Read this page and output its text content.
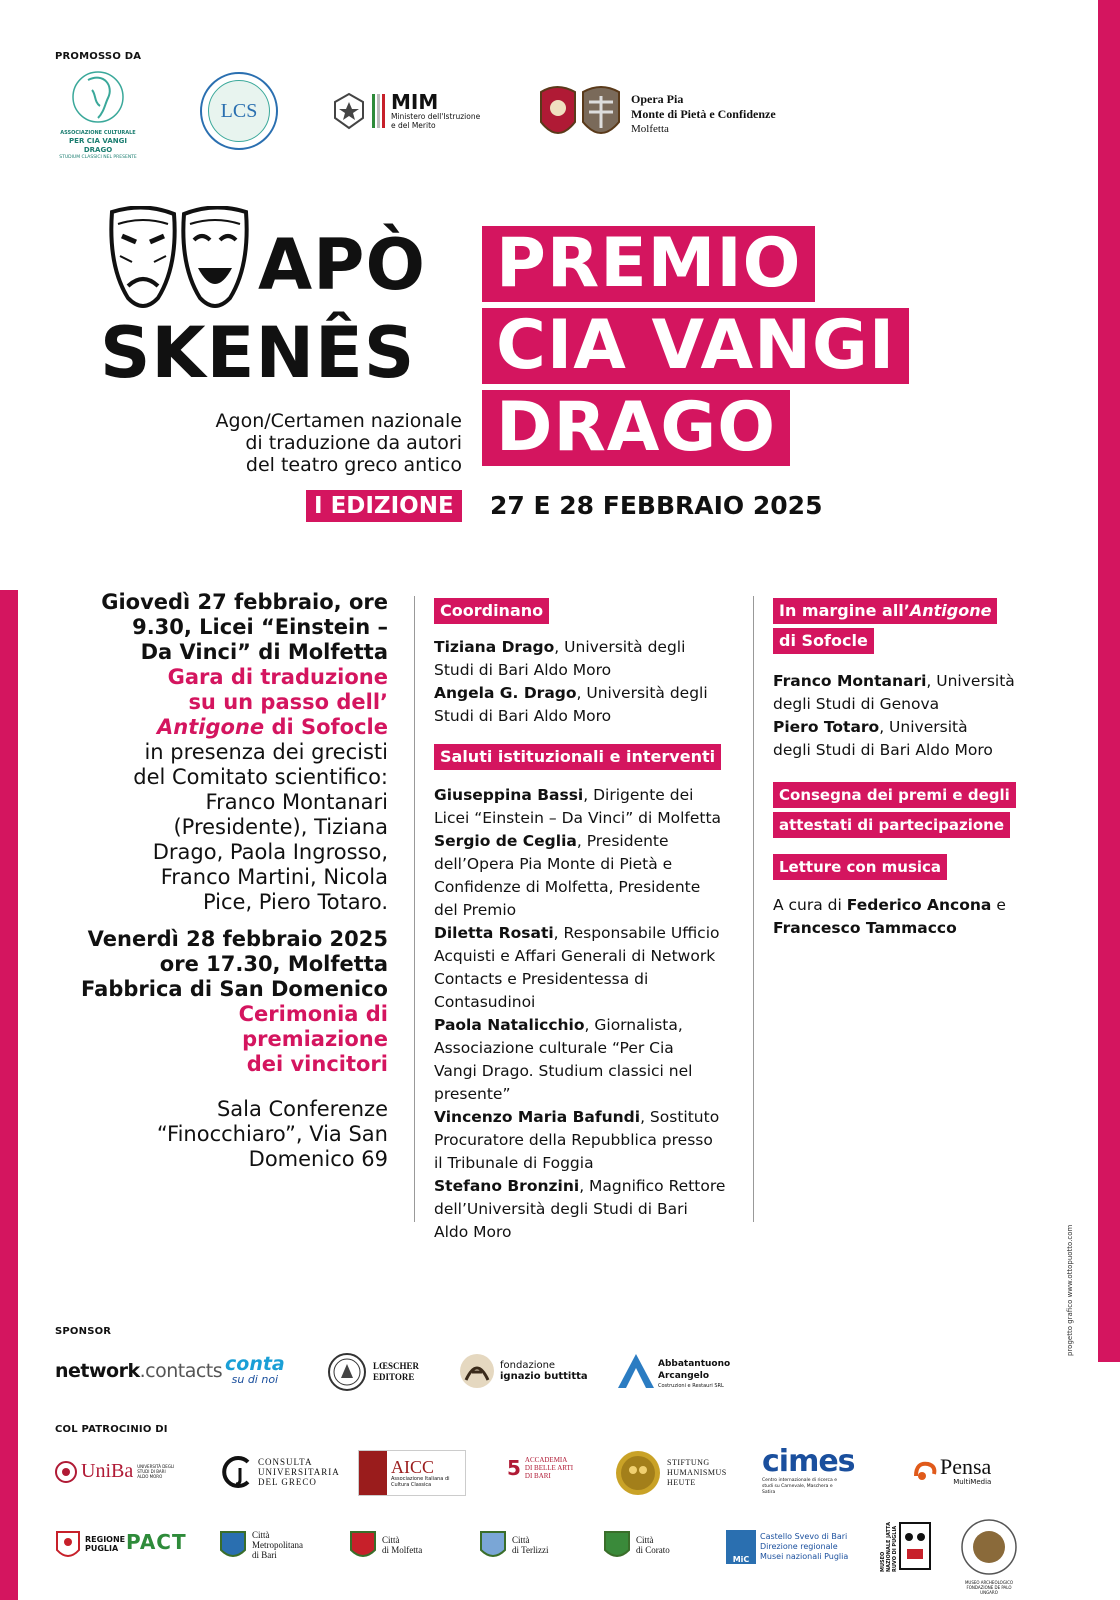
PROMOSSO DA
ASSOCIAZIONE CULTURALE
PER CIA VANGI DRAGO
STUDIUM CLASSICI NEL PRESENTE
LCS	MIM
Ministero dell'Istruzione
e del Merito
Opera Pia
Monte di Pietà e Confidenze
Molfetta
APÒ
SKENÊS
Agon/Certamen nazionale
di traduzione da autori
del teatro greco antico
I EDIZIONE	27 E 28 FEBBRAIO 2025
PREMIO
CIA VANGI
DRAGO
Giovedì 27 febbraio, ore
9.30, Licei “Einstein –
Da Vinci” di Molfetta
Gara di traduzione
su un passo dell’
Antigone di Sofocle
in presenza dei grecisti
del Comitato scientifico:
Franco Montanari
(Presidente), Tiziana
Drago, Paola Ingrosso,
Franco Martini, Nicola
Pice, Piero Totaro.
Venerdì 28 febbraio 2025
ore 17.30, Molfetta
Fabbrica di San Domenico
Cerimonia di
premiazione
dei vincitori
Sala Conferenze
“Finocchiaro”, Via San
Domenico 69
Coordinano
Tiziana Drago, Università degli
Studi di Bari Aldo Moro
Angela G. Drago, Università degli
Studi di Bari Aldo Moro
Saluti istituzionali e interventi
Giuseppina Bassi, Dirigente dei
Licei “Einstein – Da Vinci” di Molfetta
Sergio de Ceglia, Presidente
dell’Opera Pia Monte di Pietà e
Confidenze di Molfetta, Presidente
del Premio
Diletta Rosati, Responsabile Ufficio
Acquisti e Affari Generali di Network
Contacts e Presidentessa di
Contasudinoi
Paola Natalicchio, Giornalista,
Associazione culturale “Per Cia
Vangi Drago. Studium classici nel
presente”
Vincenzo Maria Bafundi, Sostituto
Procuratore della Repubblica presso
il Tribunale di Foggia
Stefano Bronzini, Magnifico Rettore
dell’Università degli Studi di Bari
Aldo Moro
In margine all’Antigone
di Sofocle
Franco Montanari, Università
degli Studi di Genova
Piero Totaro, Università
degli Studi di Bari Aldo Moro
Consegna dei premi e degli
attestati di partecipazione
Letture con musica
A cura di Federico Ancona e
Francesco Tammacco
progetto grafico www.ottopuotto.com
SPONSOR
network.contacts conta
su di noi
LŒSCHER
EDITORE
fondazione
ignazio buttitta
Abbatantuono
Arcangelo
Costruzioni e Restauri SRL
COL PATROCINIO DI
UniBa UNIVERSITÀ DEGLI STUDI DI BARI ALDO MORO
CONSULTA
UNIVERSITARIA
DEL GRECO
AICC
Associazione Italiana di Cultura Classica
5 ACCADEMIA
DI BELLE ARTI
DI BARI
STIFTUNG
HUMANISMUS
HEUTE
cimes
Centro internazionale di ricerca e studi su Carnevale, Maschera e Satira
Pensa
MultiMedia
REGIONE
PUGLIA PACT	Città
Metropolitana
di Bari
Città
di Molfetta
Città
di Terlizzi
Città
di Corato
MiC
Castello Svevo di Bari
Direzione regionale
Musei nazionali Puglia	MUSEO NAZIONALE JATTA RUVO DI PUGLIA
MUSEO ARCHEOLOGICO FONDAZIONE DE PALO UNGARO
